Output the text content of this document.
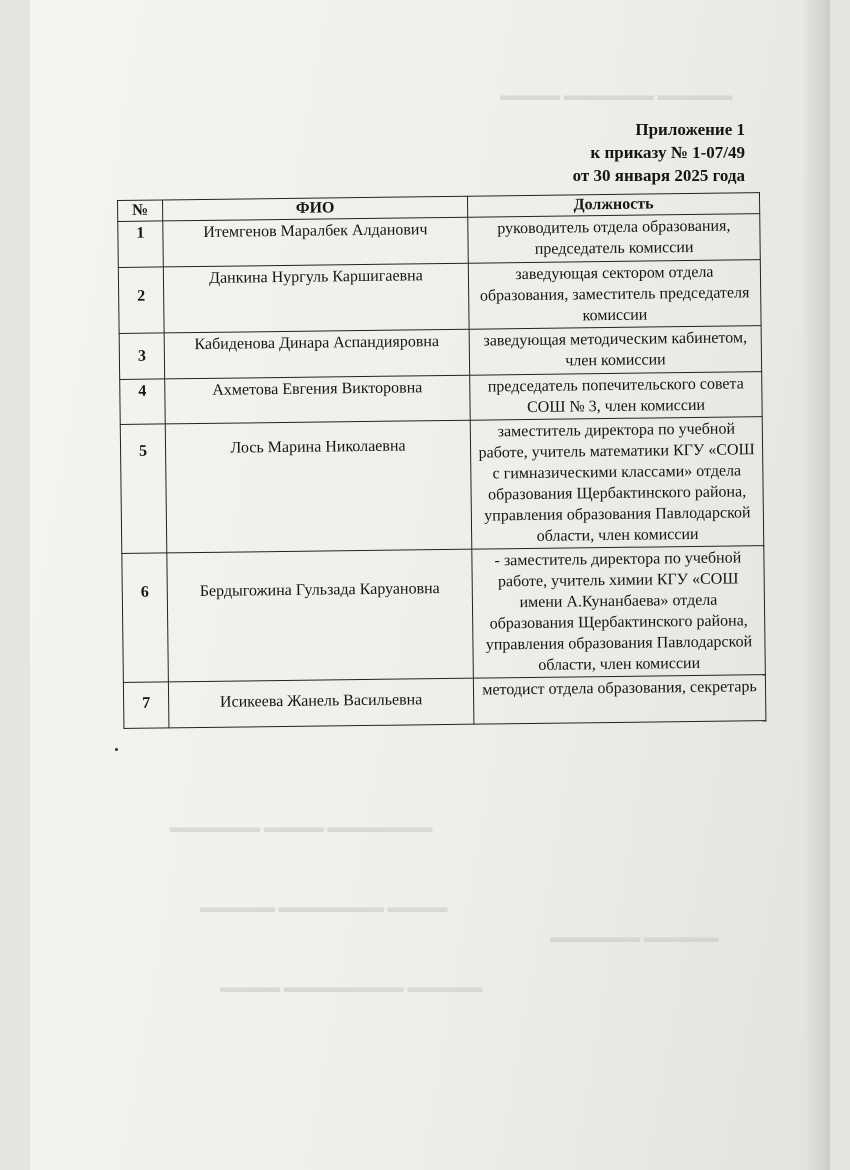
▬▬▬▬ ▬▬▬▬▬▬ ▬▬▬▬▬
▬▬▬▬▬▬ ▬▬▬▬ ▬▬▬▬▬▬▬
▬▬▬▬▬ ▬▬▬▬▬▬▬ ▬▬▬▬
▬▬▬▬▬▬ ▬▬▬▬▬
▬▬▬▬ ▬▬▬▬▬▬▬▬ ▬▬▬▬▬
Приложение 1
к приказу № 1-07/49
от 30 января 2025 года
№	ФИО	Должность
1	Итемгенов Маралбек Алданович	руководитель отдела образования, председатель комиссии
2	Данкина Нургуль Каршигаевна	заведующая сектором отдела образования, заместитель председателя комиссии
3	Кабиденова Динара Аспандияровна	заведующая методическим кабинетом, член комиссии
4	Ахметова Евгения Викторовна	председатель попечительского совета СОШ № 3, член комиссии
5	Лось Марина Николаевна	заместитель директора по учебной работе, учитель математики КГУ «СОШ с гимназическими классами» отдела образования Щербактинского района, управления образования Павлодарской области, член комиссии
6	Бердыгожина Гульзада Каруановна	- заместитель директора по учебной работе, учитель химии КГУ «СОШ имени А.Кунанбаева» отдела образования Щербактинского района, управления образования Павлодарской области, член комиссии
7	Исикеева Жанель Васильевна	методист отдела образования, секретарь
